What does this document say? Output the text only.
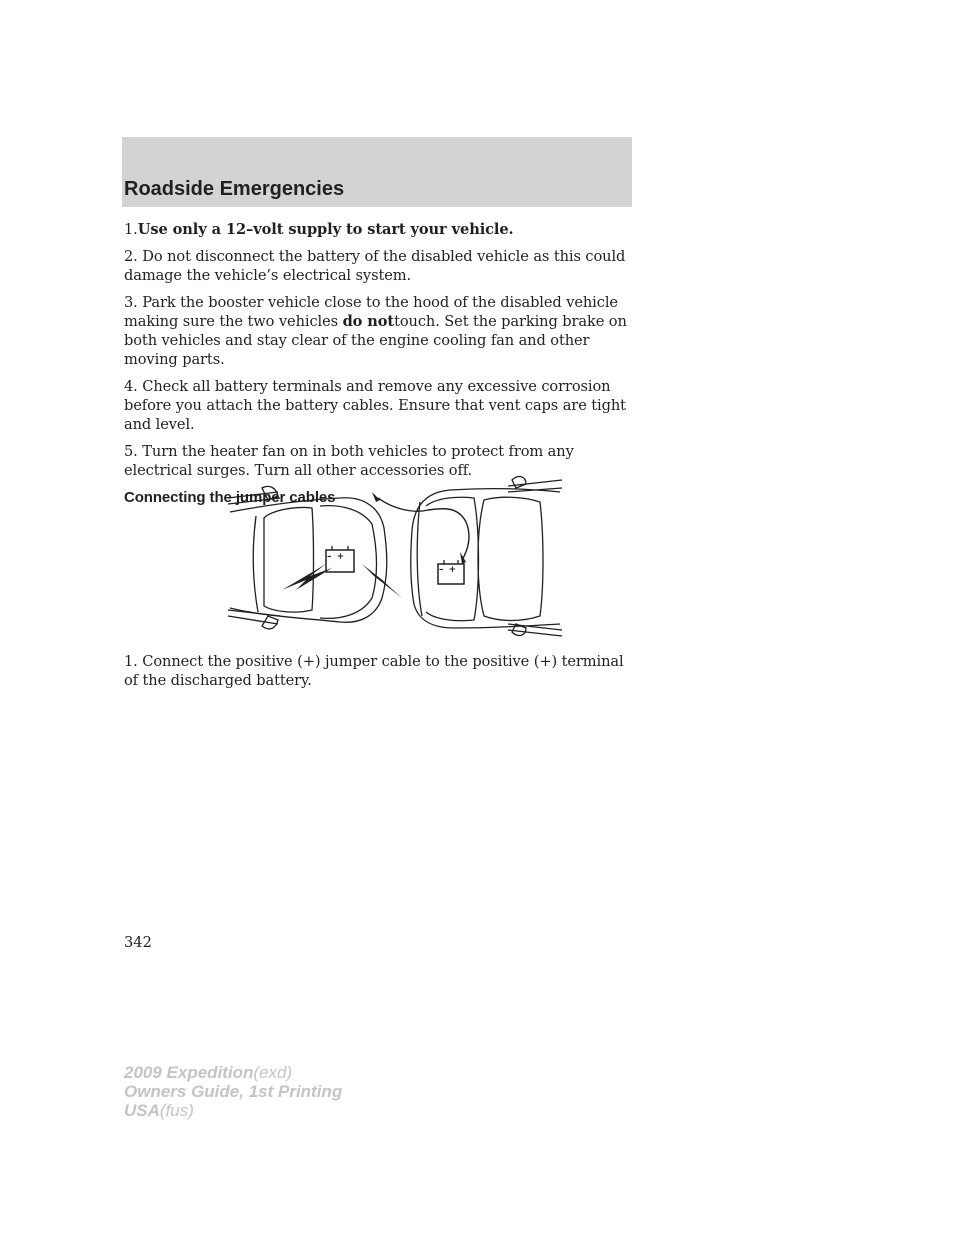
Roadside Emergencies

1.Use only a 12–volt supply to start your vehicle.

2. Do not disconnect the battery of the disabled vehicle as this could damage the vehicle’s electrical system.

3. Park the booster vehicle close to the hood of the disabled vehicle making sure the two vehicles do nottouch. Set the parking brake on both vehicles and stay clear of the engine cooling fan and other moving parts.

4. Check all battery terminals and remove any excessive corrosion before you attach the battery cables. Ensure that vent caps are tight and level.

5. Turn the heater fan on in both vehicles to protect from any electrical surges. Turn all other accessories off.

Connecting the jumper cables

– +
– +

1. Connect the positive (+) jumper cable to the positive (+) terminal of the discharged battery.

342
2009 Expedition(exd)
Owners Guide, 1st Printing
USA(fus)
